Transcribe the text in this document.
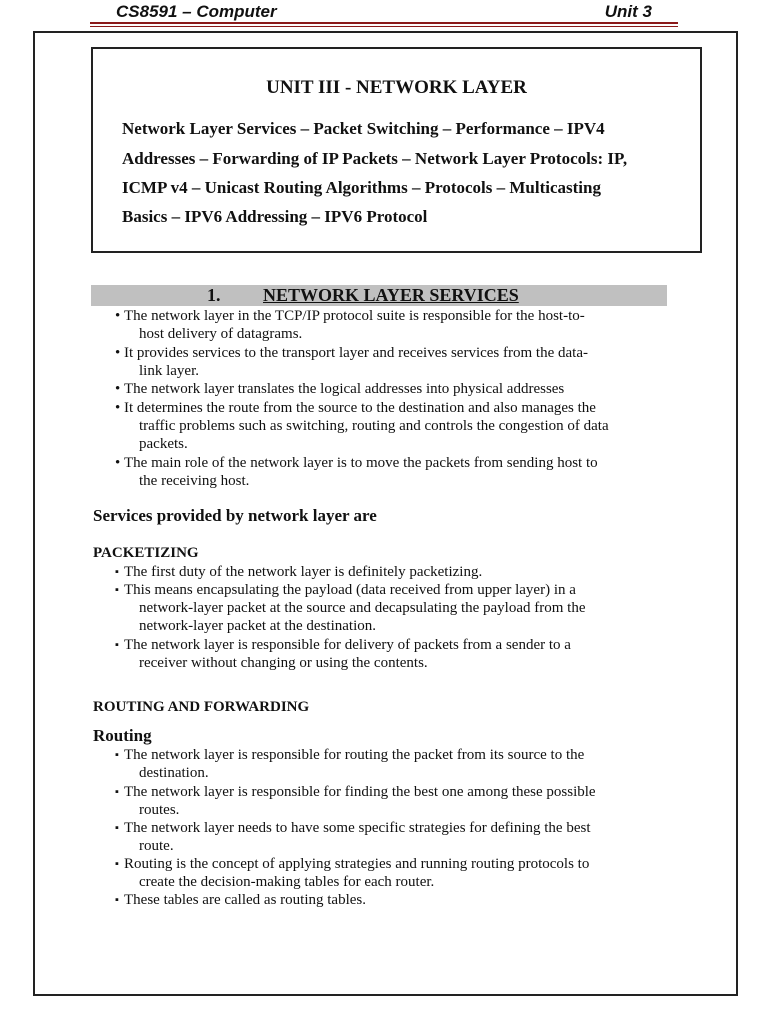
CS8591 – Computer	Unit 3
UNIT III - NETWORK LAYER
Network Layer Services – Packet Switching – Performance – IPV4
Addresses – Forwarding of IP Packets – Network Layer Protocols: IP,
ICMP v4 – Unicast Routing Algorithms – Protocols – Multicasting
Basics – IPV6 Addressing – IPV6 Protocol
1. NETWORK LAYER SERVICES
• The network layer in the TCP/IP protocol suite is responsible for the host-to-
host delivery of datagrams.
• It provides services to the transport layer and receives services from the data-
link layer.
• The network layer translates the logical addresses into physical addresses
• It determines the route from the source to the destination and also manages the
traffic problems such as switching, routing and controls the congestion of data
packets.
• The main role of the network layer is to move the packets from sending host to
the receiving host.
Services provided by network layer are
PACKETIZING
▪ The first duty of the network layer is definitely packetizing.
▪ This means encapsulating the payload (data received from upper layer) in a
network-layer packet at the source and decapsulating the payload from the
network-layer packet at the destination.
▪ The network layer is responsible for delivery of packets from a sender to a
receiver without changing or using the contents.
ROUTING AND FORWARDING
Routing
▪ The network layer is responsible for routing the packet from its source to the
destination.
▪ The network layer is responsible for finding the best one among these possible
routes.
▪ The network layer needs to have some specific strategies for defining the best
route.
▪ Routing is the concept of applying strategies and running routing protocols to
create the decision-making tables for each router.
▪ These tables are called as routing tables.
